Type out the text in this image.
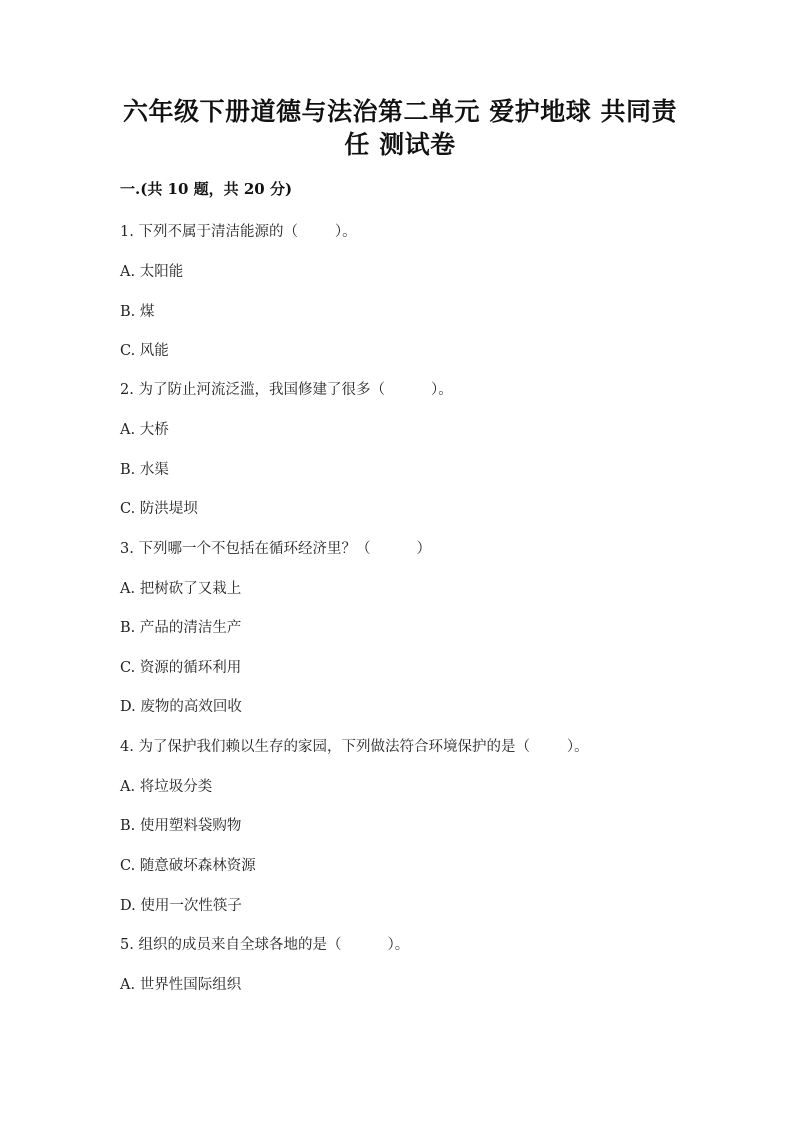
六年级下册道德与法治第二单元 爱护地球 共同责
任 测试卷
一.(共 10 题，共 20 分)
1. 下列不属于清洁能源的（        ）。
A. 太阳能
B. 煤
C. 风能
2. 为了防止河流泛滥，我国修建了很多（          ）。
A. 大桥
B. 水渠
C. 防洪堤坝
3. 下列哪一个不包括在循环经济里？（          ）
A. 把树砍了又栽上
B. 产品的清洁生产
C. 资源的循环利用
D. 废物的高效回收
4. 为了保护我们赖以生存的家园，下列做法符合环境保护的是（        ）。
A. 将垃圾分类
B. 使用塑料袋购物
C. 随意破坏森林资源
D. 使用一次性筷子
5. 组织的成员来自全球各地的是（          ）。
A. 世界性国际组织
